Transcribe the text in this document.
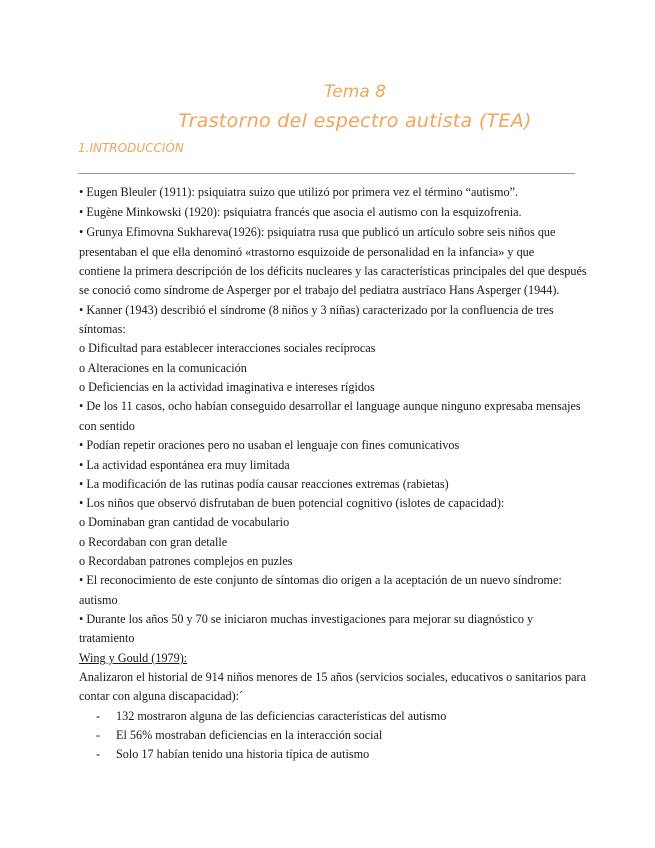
Tema 8
Trastorno del espectro autista (TEA)
1.INTRODUCCIÓN
• Eugen Bleuler (1911): psiquiatra suizo que utilizó por primera vez el término “autismo”.
• Eugène Minkowski (1920): psiquiatra francés que asocia el autismo con la esquizofrenia.
• Grunya Efimovna Sukhareva(1926): psiquiatra rusa que publicó un artículo sobre seis niños que
presentaban el que ella denominó «trastorno esquizoide de personalidad en la infancia» y que
contiene la primera descripción de los déficits nucleares y las características principales del que después
se conoció como síndrome de Asperger por el trabajo del pediatra austríaco Hans Asperger (1944).
• Kanner (1943) describió el síndrome (8 niños y 3 niñas) caracterizado por la confluencia de tres
síntomas:
o Dificultad para establecer interacciones sociales recíprocas
o Alteraciones en la comunicación
o Deficiencias en la actividad imaginativa e intereses rígidos
• De los 11 casos, ocho habían conseguido desarrollar el language aunque ninguno expresaba mensajes
con sentido
• Podían repetir oraciones pero no usaban el lenguaje con fines comunicativos
• La actividad espontánea era muy limitada
• La modificación de las rutinas podía causar reacciones extremas (rabietas)
• Los niños que observó disfrutaban de buen potencial cognitivo (islotes de capacidad):
o Dominaban gran cantidad de vocabulario
o Recordaban con gran detalle
o Recordaban patrones complejos en puzles
• El reconocimiento de este conjunto de síntomas dio origen a la aceptación de un nuevo síndrome:
autismo
• Durante los años 50 y 70 se iniciaron muchas investigaciones para mejorar su diagnóstico y
tratamiento
Wing y Gould (1979):
Analizaron el historial de 914 niños menores de 15 años (servicios sociales, educativos o sanitarios para
contar con alguna discapacidad):´
- 132 mostraron alguna de las deficiencias características del autismo
- El 56% mostraban deficiencias en la interacción social
- Solo 17 habían tenido una historia típica de autismo
